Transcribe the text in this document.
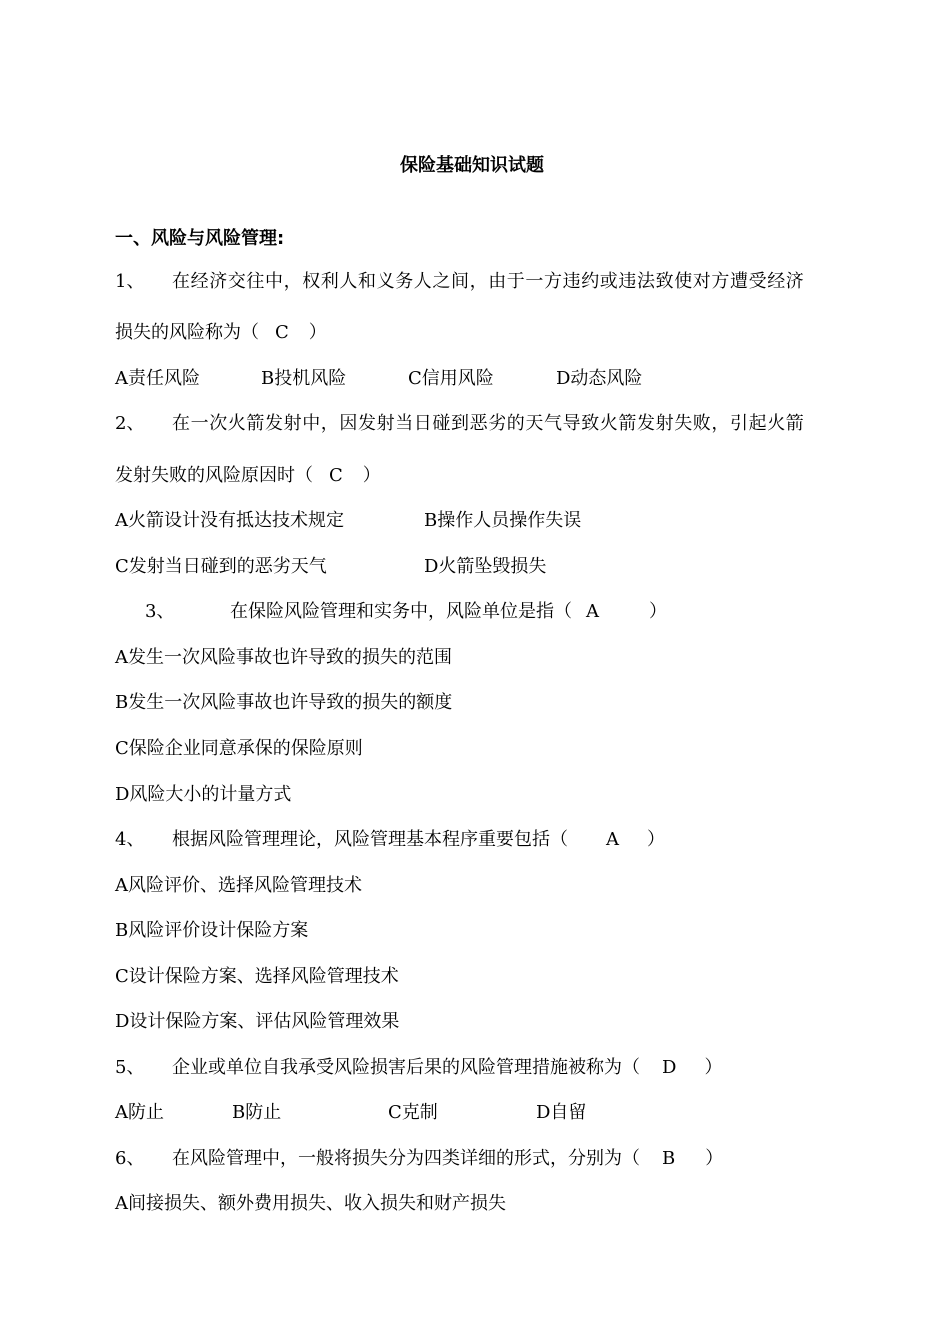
保险基础知识试题
一、风险与风险管理:
1、 在经济交往中，权利人和义务人之间，由于一方违约或违法致使对方遭受经济
损失的风险称为（ C ）
A责任风险	B投机风险	C信用风险	D动态风险
2、 在一次火箭发射中，因发射当日碰到恶劣的天气导致火箭发射失败，引起火箭
发射失败的风险原因时（ C ）
A火箭设计没有抵达技术规定	B操作人员操作失误
C发射当日碰到的恶劣天气	D火箭坠毁损失
3、	在保险风险管理和实务中，风险单位是指（ A	）
A发生一次风险事故也许导致的损失的范围
B发生一次风险事故也许导致的损失的额度
C保险企业同意承保的保险原则
D风险大小的计量方式
4、 根据风险管理理论，风险管理基本程序重要包括（ A ）
A风险评价、选择风险管理技术
B风险评价设计保险方案
C设计保险方案、选择风险管理技术
D设计保险方案、评估风险管理效果
5、 企业或单位自我承受风险损害后果的风险管理措施被称为（ D ）
A防止	B防止	C克制	D自留
6、 在风险管理中，一般将损失分为四类详细的形式，分别为（ B ）
A间接损失、额外费用损失、收入损失和财产损失
